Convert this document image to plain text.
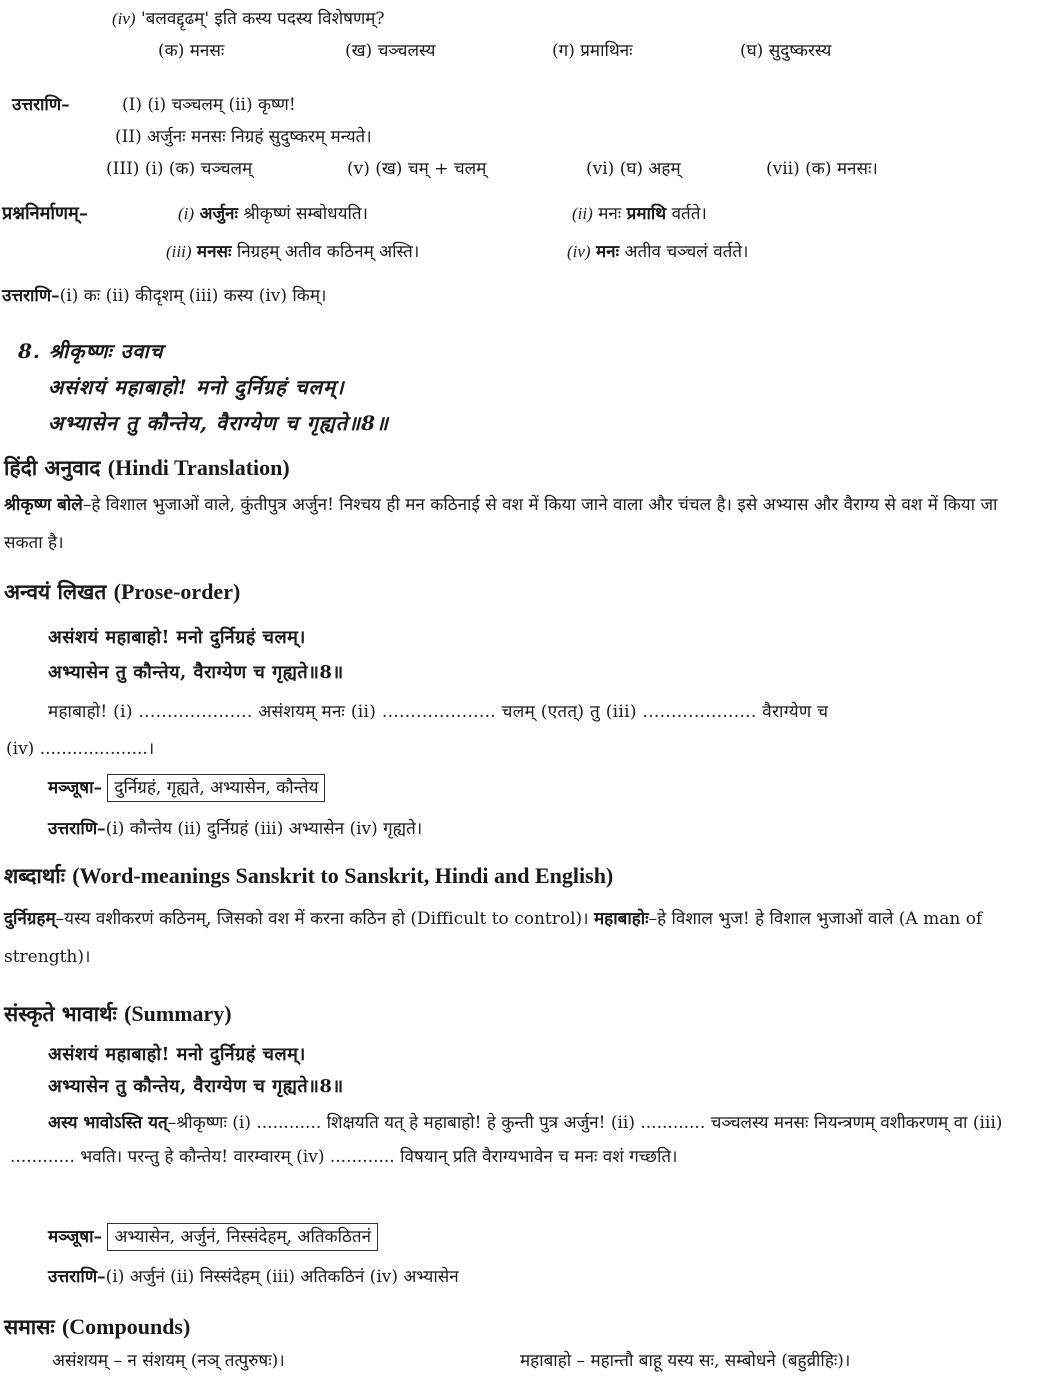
(iv) 'बलवद्दृढम्' इति कस्य पदस्य विशेषणम्?
(क) मनसः	(ख) चञ्चलस्य	(ग) प्रमाथिनः	(घ) सुदुष्करस्य
उत्तराणि–	(I) (i) चञ्चलम् (ii) कृष्ण!
(II) अर्जुनः मनसः निग्रहं सुदुष्करम् मन्यते।
(III) (i) (क) चञ्चलम्	(v) (ख) चम् + चलम्	(vi) (घ) अहम्	(vii) (क) मनसः।
प्रश्ननिर्माणम्–	(i) अर्जुनः श्रीकृष्णं सम्बोधयति।	(ii) मनः प्रमाथि वर्तते।
(iii) मनसः निग्रहम् अतीव कठिनम् अस्ति।	(iv) मनः अतीव चञ्चलं वर्तते।
उत्तराणि–(i) कः (ii) कीदृशम् (iii) कस्य (iv) किम्।
8. श्रीकृष्णः उवाच
असंशयं महाबाहो! मनो दुर्निग्रहं चलम्।
अभ्यासेन तु कौन्तेय, वैराग्येण च गृह्यते॥8॥
हिंदी अनुवाद (Hindi Translation)
श्रीकृष्ण बोले–हे विशाल भुजाओं वाले, कुंतीपुत्र अर्जुन! निश्चय ही मन कठिनाई से वश में किया जाने वाला और चंचल है। इसे अभ्यास और वैराग्य से वश में किया जा सकता है।
अन्वयं लिखत (Prose-order)
असंशयं महाबाहो! मनो दुर्निग्रहं चलम्।
अभ्यासेन तु कौन्तेय, वैराग्येण च गृह्यते॥8॥
महाबाहो! (i) .................... असंशयम् मनः (ii) .................... चलम् (एतत्) तु (iii) .................... वैराग्येण च
(iv) ....................।
मञ्जूषा– दुर्निग्रहं, गृह्यते, अभ्यासेन, कौन्तेय
उत्तराणि–(i) कौन्तेय (ii) दुर्निग्रहं (iii) अभ्यासेन (iv) गृह्यते।
शब्दार्थाः (Word-meanings Sanskrit to Sanskrit, Hindi and English)
दुर्निग्रहम्–यस्य वशीकरणं कठिनम्, जिसको वश में करना कठिन हो (Difficult to control)। महाबाहोः–हे विशाल भुज! हे विशाल भुजाओं वाले (A man of strength)।
संस्कृते भावार्थः (Summary)
असंशयं महाबाहो! मनो दुर्निग्रहं चलम्।
अभ्यासेन तु कौन्तेय, वैराग्येण च गृह्यते॥8॥
अस्य भावोऽस्ति यत्–श्रीकृष्णः (i) ............ शिक्षयति यत् हे महाबाहो! हे कुन्ती पुत्र अर्जुन! (ii) ............ चञ्चलस्य मनसः नियन्त्रणम् वशीकरणम् वा (iii) ............ भवति। परन्तु हे कौन्तेय! वारम्वारम् (iv) ............ विषयान् प्रति वैराग्यभावेन च मनः वशं गच्छति।
मञ्जूषा– अभ्यासेन, अर्जुनं, निस्संदेहम्, अतिकठितनं
उत्तराणि–(i) अर्जुनं (ii) निस्संदेहम् (iii) अतिकठिनं (iv) अभ्यासेन
समासः (Compounds)
असंशयम् – न संशयम् (नञ् तत्पुरुषः)।	महाबाहो – महान्तौ बाहू यस्य सः, सम्बोधने (बहुव्रीहिः)।
